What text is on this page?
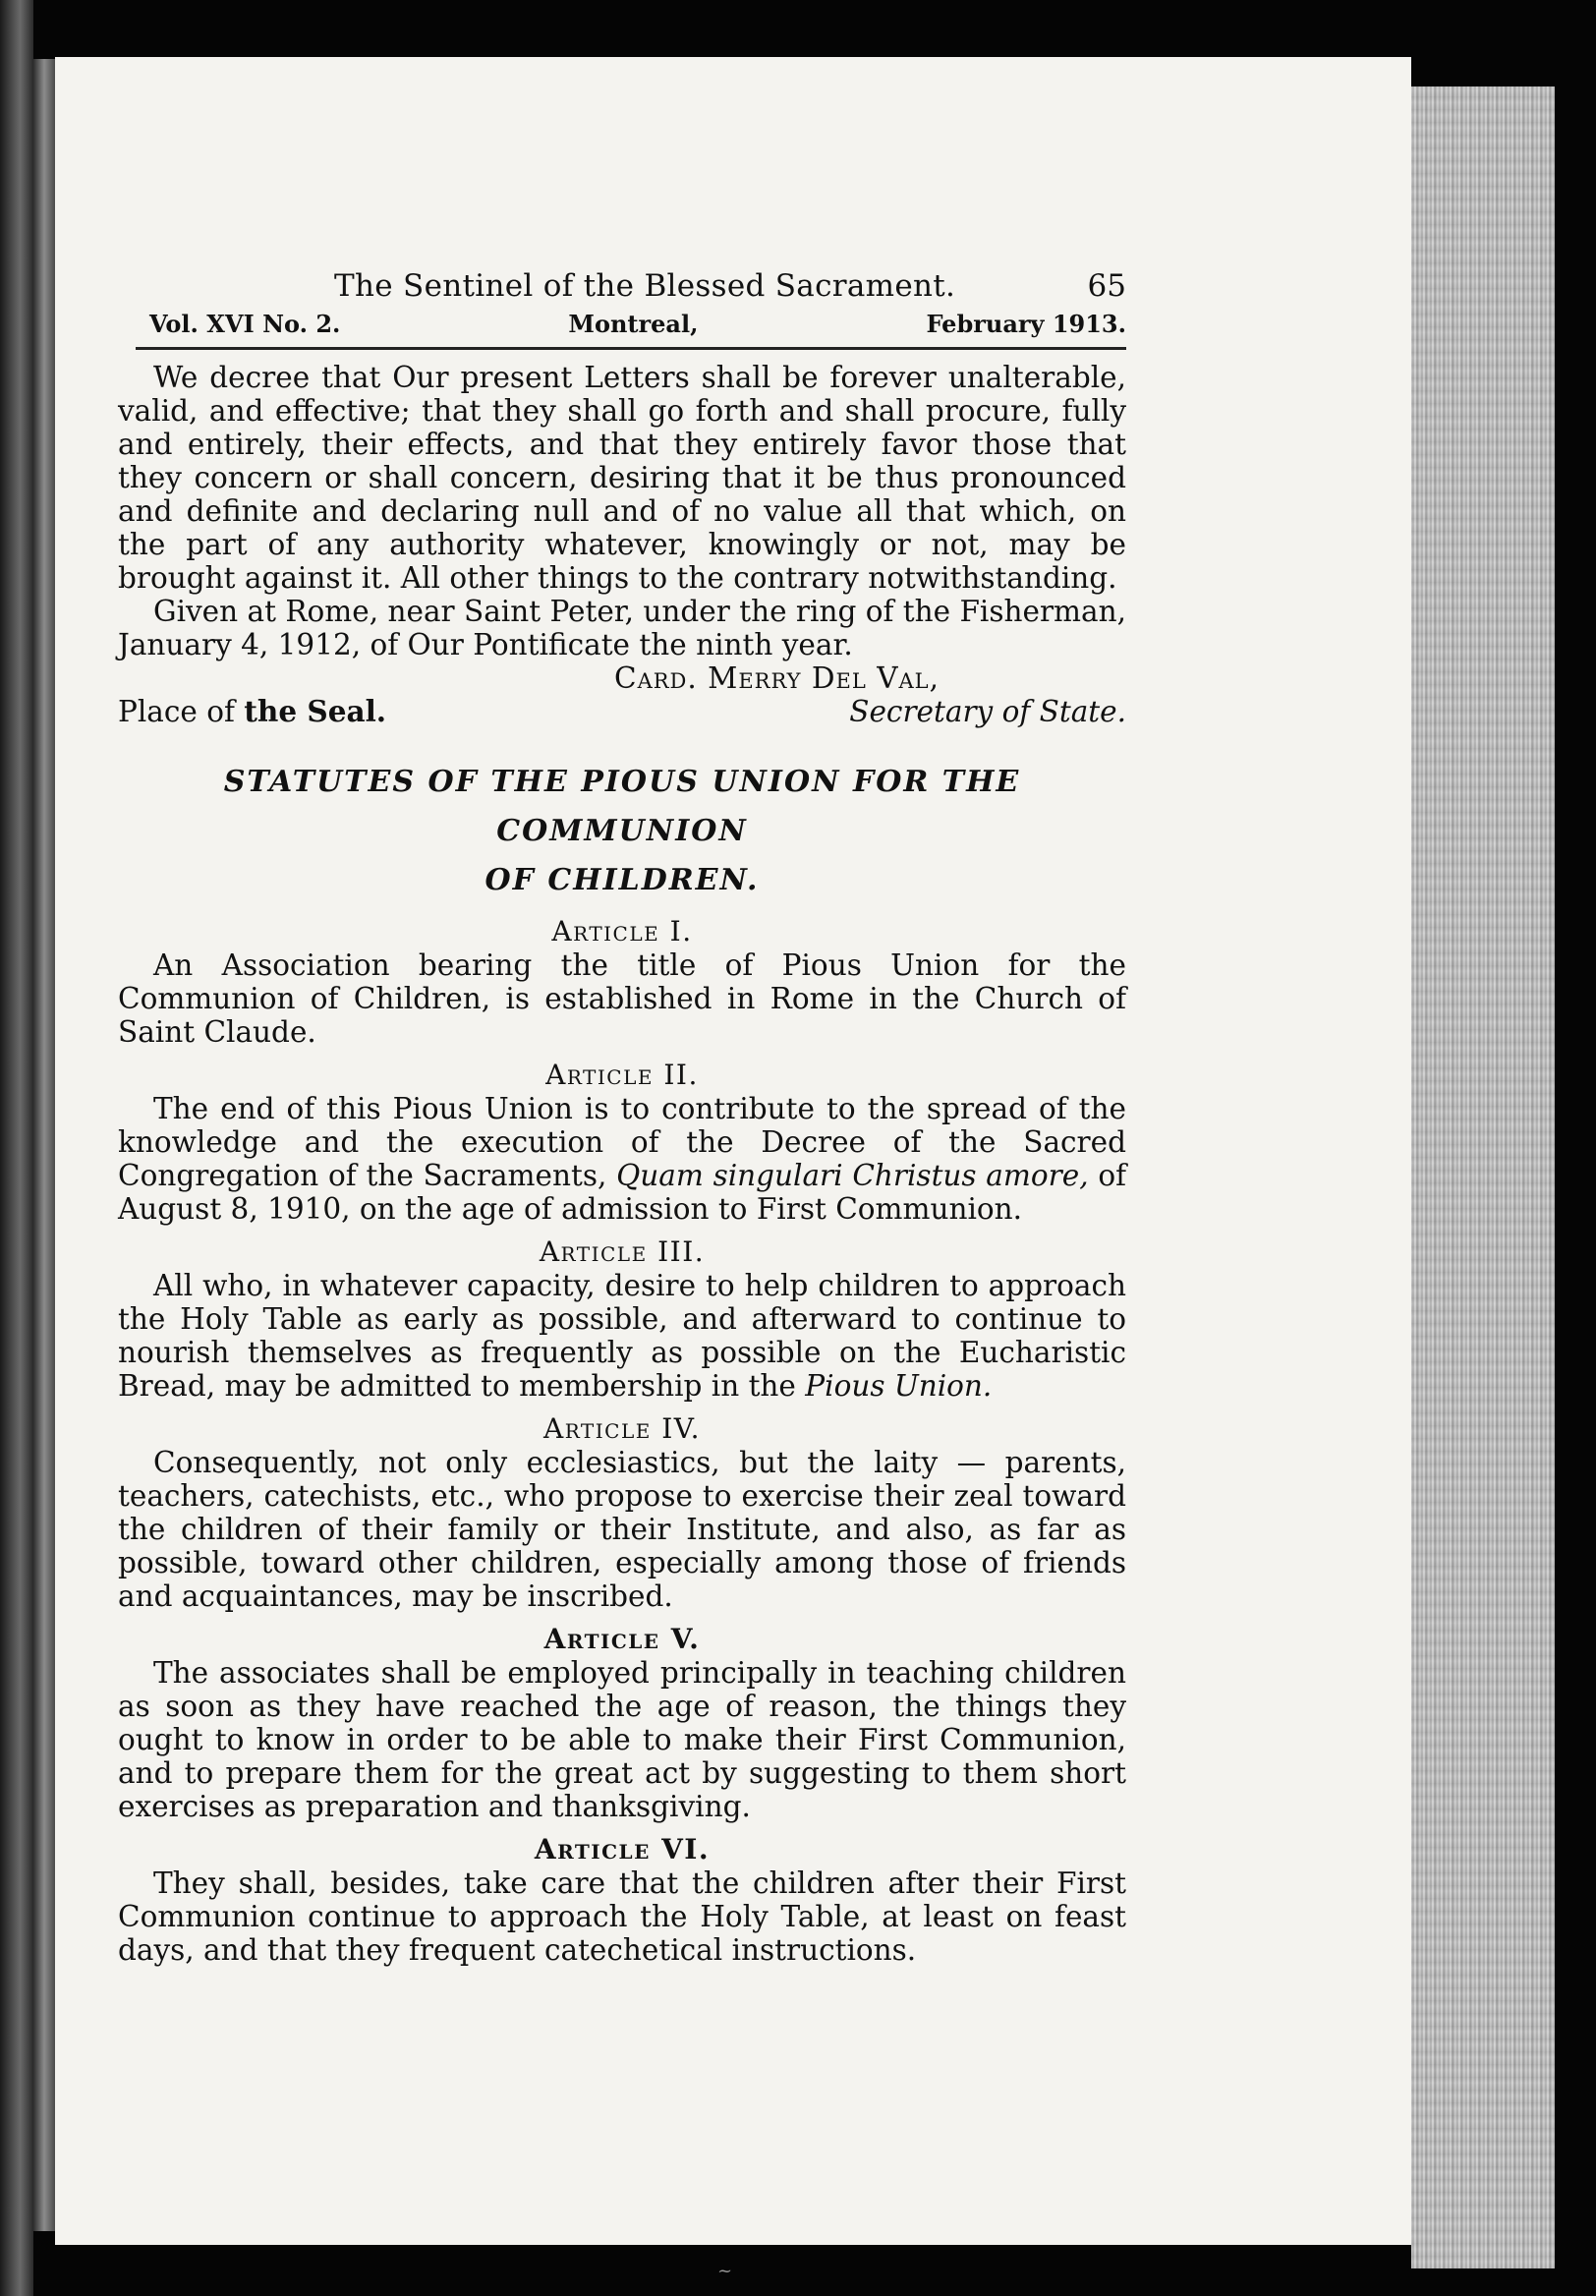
The Sentinel of the Blessed Sacrament.	65
Vol. XVI No. 2.	Montreal,	February 1913.

We decree that Our present Letters shall be forever unalterable, valid, and effective; that they shall go forth and shall procure, fully and entirely, their effects, and that they entirely favor those that they concern or shall concern, desiring that it be thus pronounced and definite and declaring null and of no value all that which, on the part of any authority whatever, knowingly or not, may be brought against it. All other things to the contrary notwithstanding.

Given at Rome, near Saint Peter, under the ring of the Fisherman, January 4, 1912, of Our Pontificate the ninth year.

Card. Merry Del Val,

Place of the Seal.	Secretary of State.
STATUTES OF THE PIOUS UNION FOR THE COMMUNION
OF CHILDREN.
Article I.

An Association bearing the title of Pious Union for the Communion of Children, is established in Rome in the Church of Saint Claude.

Article II.

The end of this Pious Union is to contribute to the spread of the knowledge and the execution of the Decree of the Sacred Congregation of the Sacraments, Quam singulari Christus amore, of August 8, 1910, on the age of admission to First Communion.

Article III.

All who, in whatever capacity, desire to help children to approach the Holy Table as early as possible, and afterward to continue to nourish themselves as frequently as possible on the Eucharistic Bread, may be admitted to membership in the Pious Union.

Article IV.

Consequently, not only ecclesiastics, but the laity — parents, teachers, catechists, etc., who propose to exercise their zeal toward the children of their family or their Institute, and also, as far as possible, toward other children, especially among those of friends and acquaintances, may be inscribed.

Article V.

The associates shall be employed principally in teaching children as soon as they have reached the age of reason, the things they ought to know in order to be able to make their First Communion, and to prepare them for the great act by suggesting to them short exercises as preparation and thanksgiving.

Article VI.

They shall, besides, take care that the children after their First Communion continue to approach the Holy Table, at least on feast days, and that they frequent catechetical instructions.

~
